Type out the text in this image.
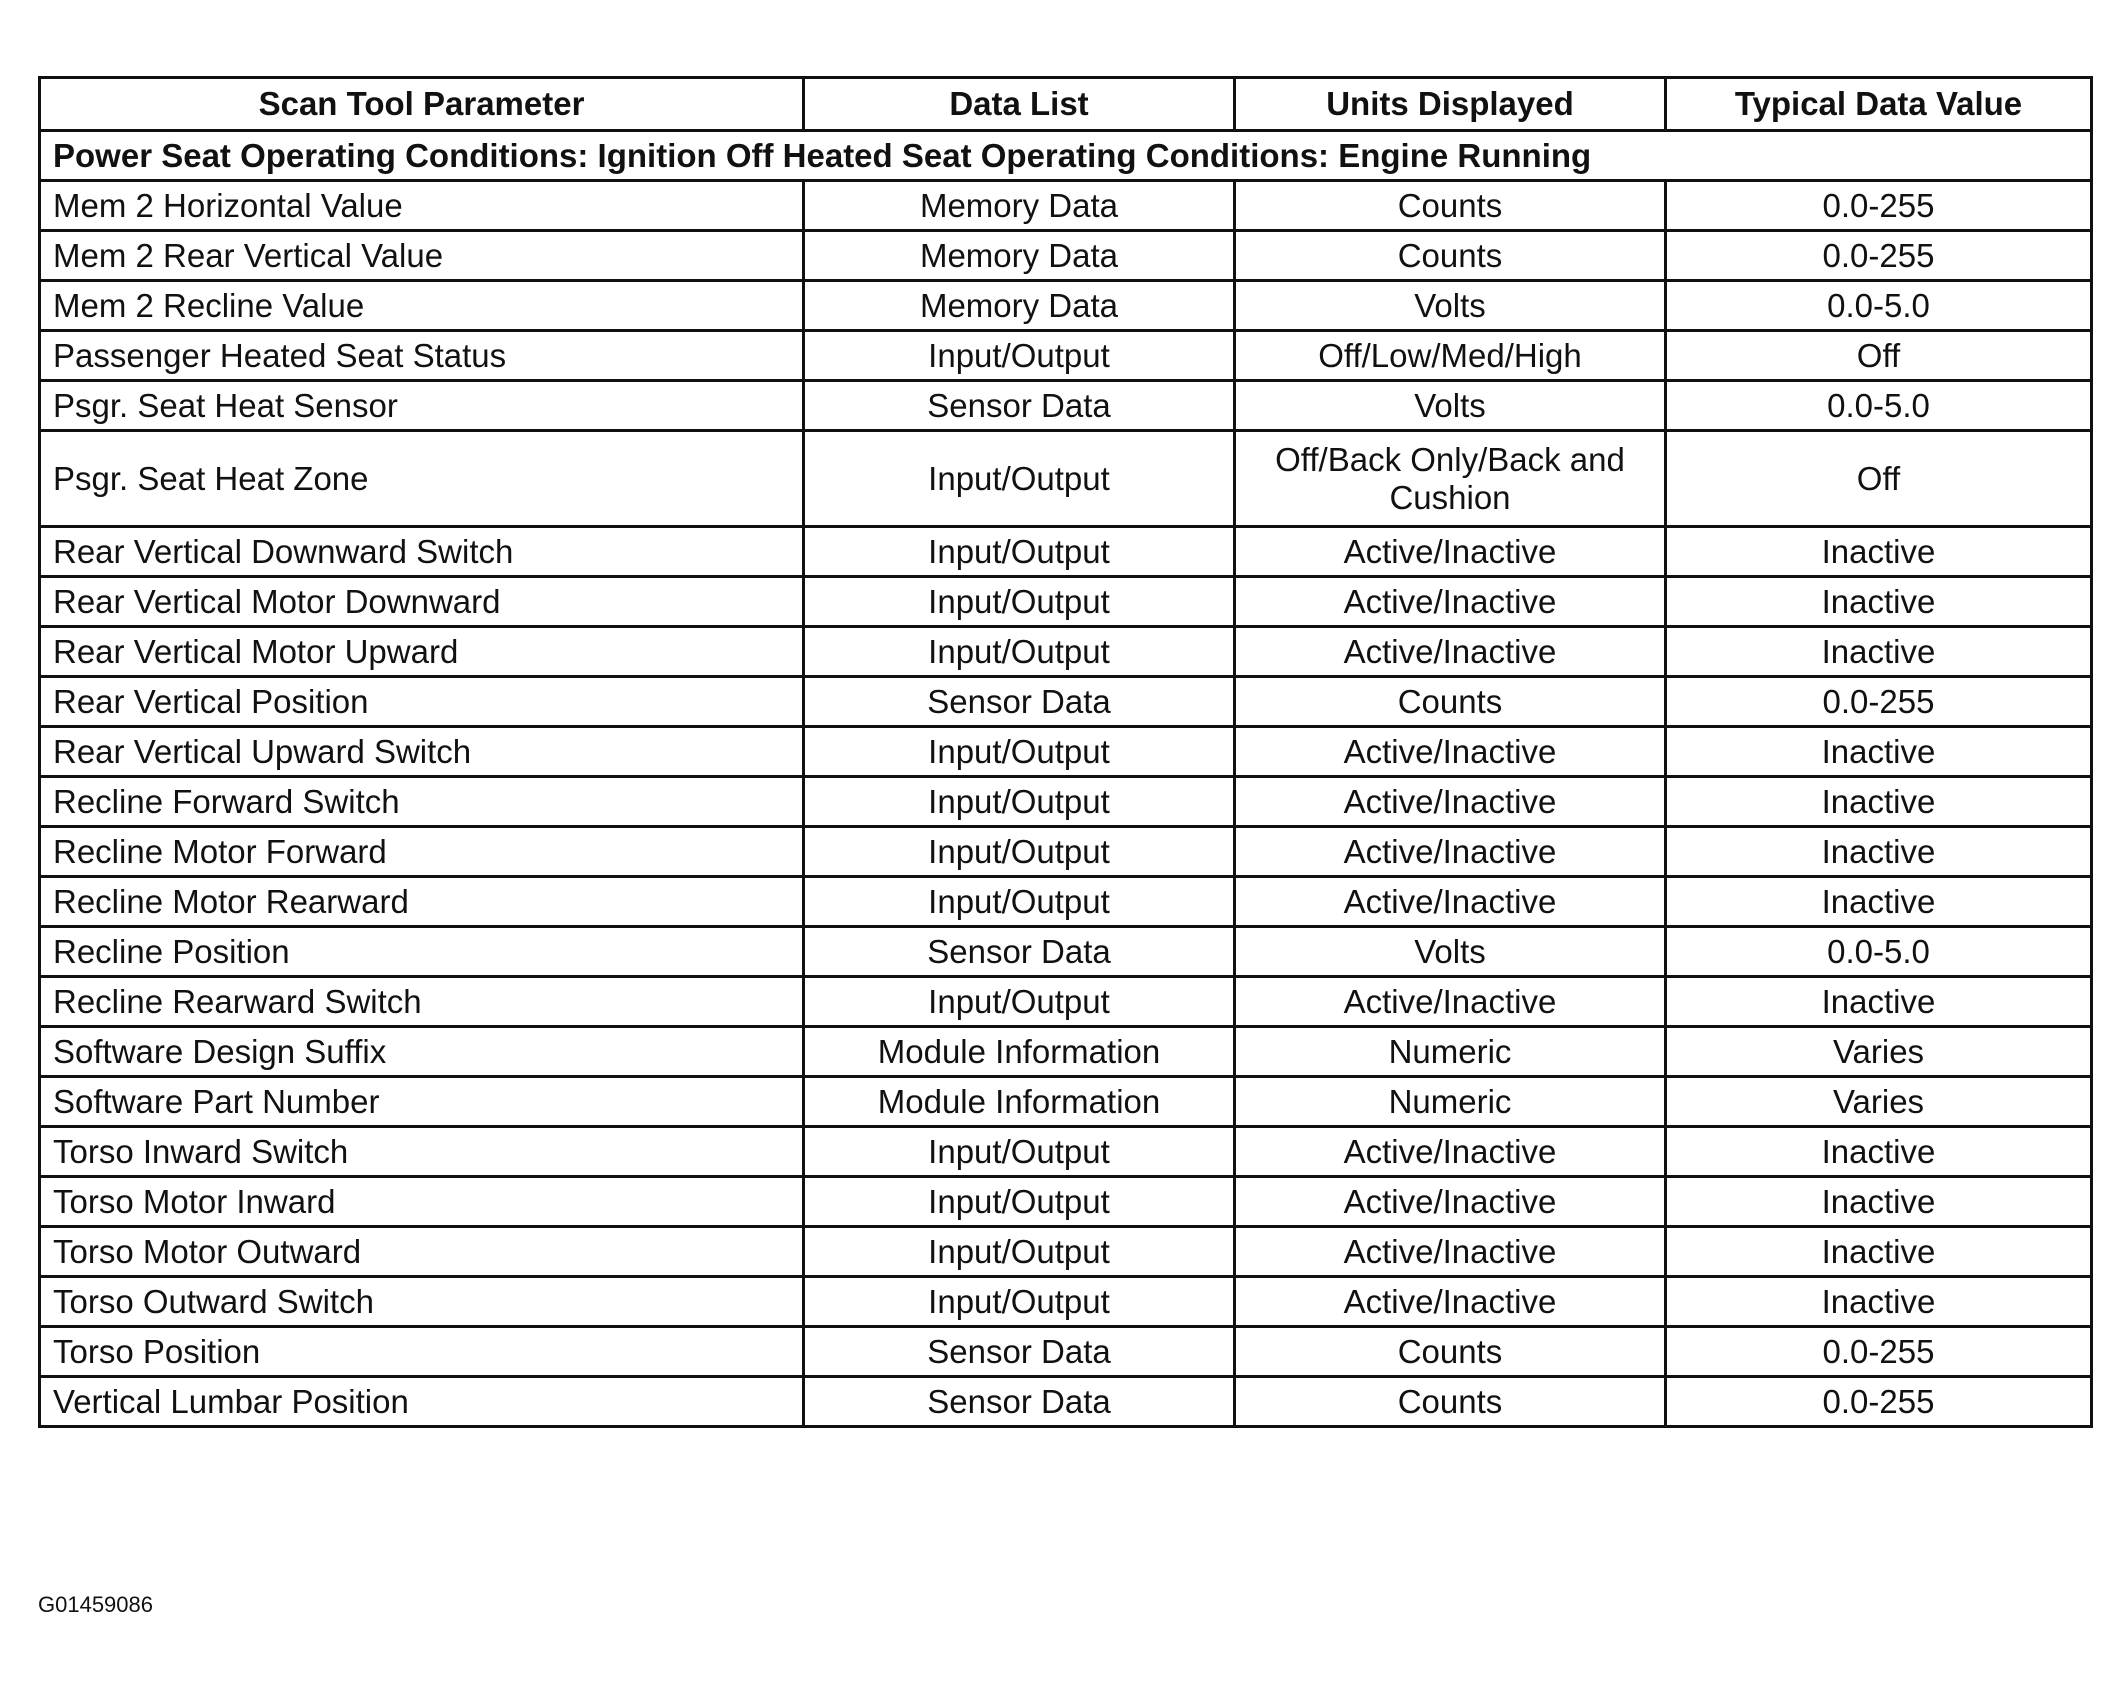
Scan Tool Parameter	Data List	Units Displayed	Typical Data Value
Power Seat Operating Conditions: Ignition Off Heated Seat Operating Conditions: Engine Running			
Mem 2 Horizontal Value	Memory Data	Counts	0.0-255
Mem 2 Rear Vertical Value	Memory Data	Counts	0.0-255
Mem 2 Recline Value	Memory Data	Volts	0.0-5.0
Passenger Heated Seat Status	Input/Output	Off/Low/Med/High	Off
Psgr. Seat Heat Sensor	Sensor Data	Volts	0.0-5.0
Psgr. Seat Heat Zone	Input/Output	Off/Back Only/Back and Cushion	Off
Rear Vertical Downward Switch	Input/Output	Active/Inactive	Inactive
Rear Vertical Motor Downward	Input/Output	Active/Inactive	Inactive
Rear Vertical Motor Upward	Input/Output	Active/Inactive	Inactive
Rear Vertical Position	Sensor Data	Counts	0.0-255
Rear Vertical Upward Switch	Input/Output	Active/Inactive	Inactive
Recline Forward Switch	Input/Output	Active/Inactive	Inactive
Recline Motor Forward	Input/Output	Active/Inactive	Inactive
Recline Motor Rearward	Input/Output	Active/Inactive	Inactive
Recline Position	Sensor Data	Volts	0.0-5.0
Recline Rearward Switch	Input/Output	Active/Inactive	Inactive
Software Design Suffix	Module Information	Numeric	Varies
Software Part Number	Module Information	Numeric	Varies
Torso Inward Switch	Input/Output	Active/Inactive	Inactive
Torso Motor Inward	Input/Output	Active/Inactive	Inactive
Torso Motor Outward	Input/Output	Active/Inactive	Inactive
Torso Outward Switch	Input/Output	Active/Inactive	Inactive
Torso Position	Sensor Data	Counts	0.0-255
Vertical Lumbar Position	Sensor Data	Counts	0.0-255
G01459086
